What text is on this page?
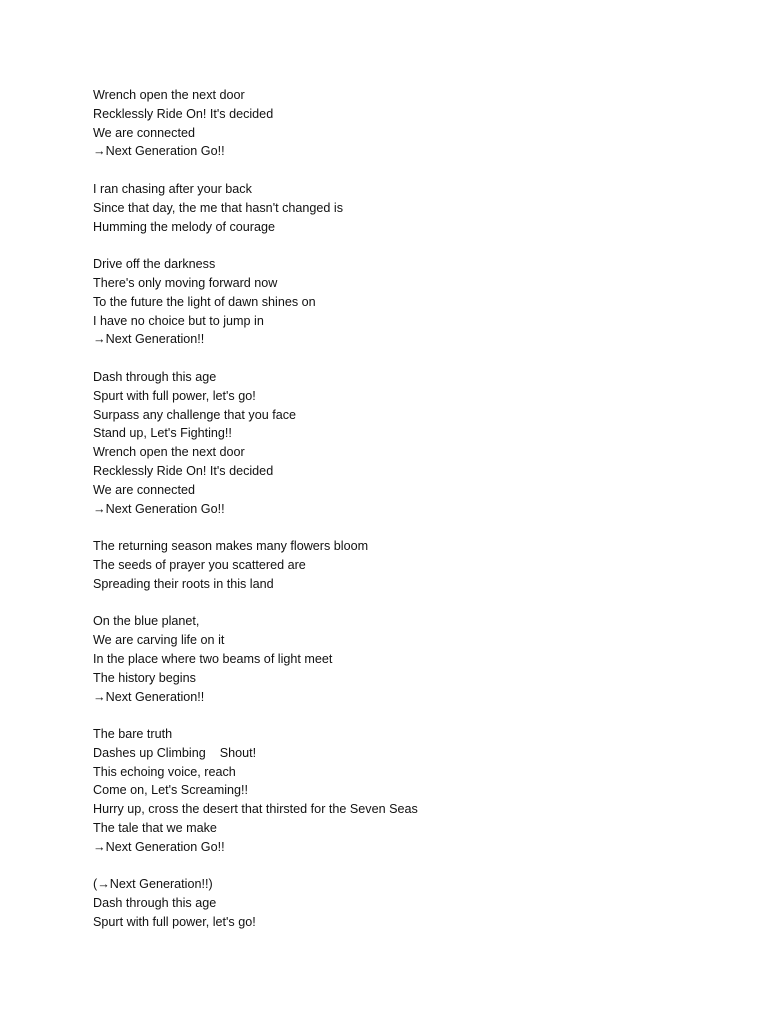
Wrench open the next door
Recklessly Ride On! It's decided
We are connected
→Next Generation Go!!
I ran chasing after your back
Since that day, the me that hasn't changed is
Humming the melody of courage
Drive off the darkness
There's only moving forward now
To the future the light of dawn shines on
I have no choice but to jump in
→Next Generation!!
Dash through this age
Spurt with full power, let's go!
Surpass any challenge that you face
Stand up, Let's Fighting!!
Wrench open the next door
Recklessly Ride On! It's decided
We are connected
→Next Generation Go!!
The returning season makes many flowers bloom
The seeds of prayer you scattered are
Spreading their roots in this land
On the blue planet,
We are carving life on it
In the place where two beams of light meet
The history begins
→Next Generation!!
The bare truth
Dashes up Climbing    Shout!
This echoing voice, reach
Come on, Let's Screaming!!
Hurry up, cross the desert that thirsted for the Seven Seas
The tale that we make
→Next Generation Go!!
(→Next Generation!!)
Dash through this age
Spurt with full power, let's go!
